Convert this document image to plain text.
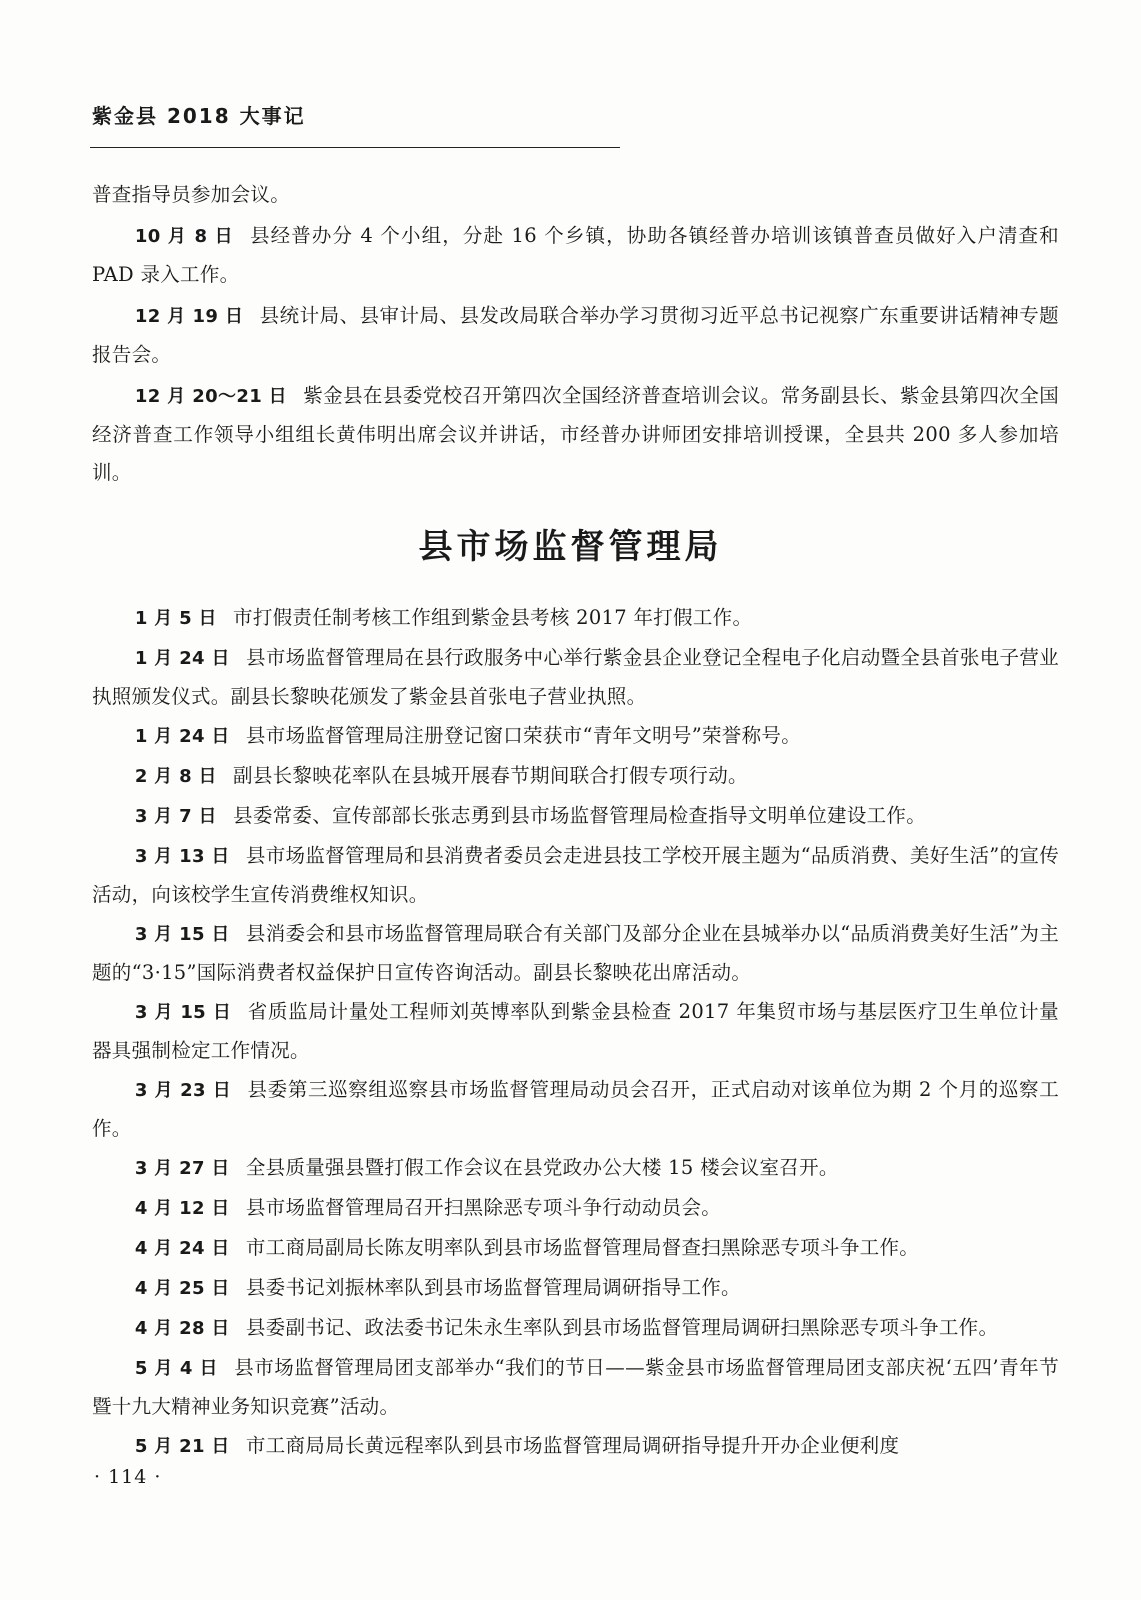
紫金县 2018 大事记

普查指导员参加会议。

10 月 8 日 县经普办分 4 个小组，分赴 16 个乡镇，协助各镇经普办培训该镇普查员做好入户清查和 PAD 录入工作。

12 月 19 日 县统计局、县审计局、县发改局联合举办学习贯彻习近平总书记视察广东重要讲话精神专题报告会。

12 月 20～21 日 紫金县在县委党校召开第四次全国经济普查培训会议。常务副县长、紫金县第四次全国经济普查工作领导小组组长黄伟明出席会议并讲话，市经普办讲师团安排培训授课，全县共 200 多人参加培训。

县市场监督管理局

1 月 5 日 市打假责任制考核工作组到紫金县考核 2017 年打假工作。

1 月 24 日 县市场监督管理局在县行政服务中心举行紫金县企业登记全程电子化启动暨全县首张电子营业执照颁发仪式。副县长黎映花颁发了紫金县首张电子营业执照。

1 月 24 日 县市场监督管理局注册登记窗口荣获市“青年文明号”荣誉称号。

2 月 8 日 副县长黎映花率队在县城开展春节期间联合打假专项行动。

3 月 7 日 县委常委、宣传部部长张志勇到县市场监督管理局检查指导文明单位建设工作。

3 月 13 日 县市场监督管理局和县消费者委员会走进县技工学校开展主题为“品质消费、美好生活”的宣传活动，向该校学生宣传消费维权知识。

3 月 15 日 县消委会和县市场监督管理局联合有关部门及部分企业在县城举办以“品质消费美好生活”为主题的“3·15”国际消费者权益保护日宣传咨询活动。副县长黎映花出席活动。

3 月 15 日 省质监局计量处工程师刘英博率队到紫金县检查 2017 年集贸市场与基层医疗卫生单位计量器具强制检定工作情况。

3 月 23 日 县委第三巡察组巡察县市场监督管理局动员会召开，正式启动对该单位为期 2 个月的巡察工作。

3 月 27 日 全县质量强县暨打假工作会议在县党政办公大楼 15 楼会议室召开。

4 月 12 日 县市场监督管理局召开扫黑除恶专项斗争行动动员会。

4 月 24 日 市工商局副局长陈友明率队到县市场监督管理局督查扫黑除恶专项斗争工作。

4 月 25 日 县委书记刘振林率队到县市场监督管理局调研指导工作。

4 月 28 日 县委副书记、政法委书记朱永生率队到县市场监督管理局调研扫黑除恶专项斗争工作。

5 月 4 日 县市场监督管理局团支部举办“我们的节日——紫金县市场监督管理局团支部庆祝‘五四’青年节暨十九大精神业务知识竞赛”活动。

5 月 21 日 市工商局局长黄远程率队到县市场监督管理局调研指导提升开办企业便利度

· 114 ·
